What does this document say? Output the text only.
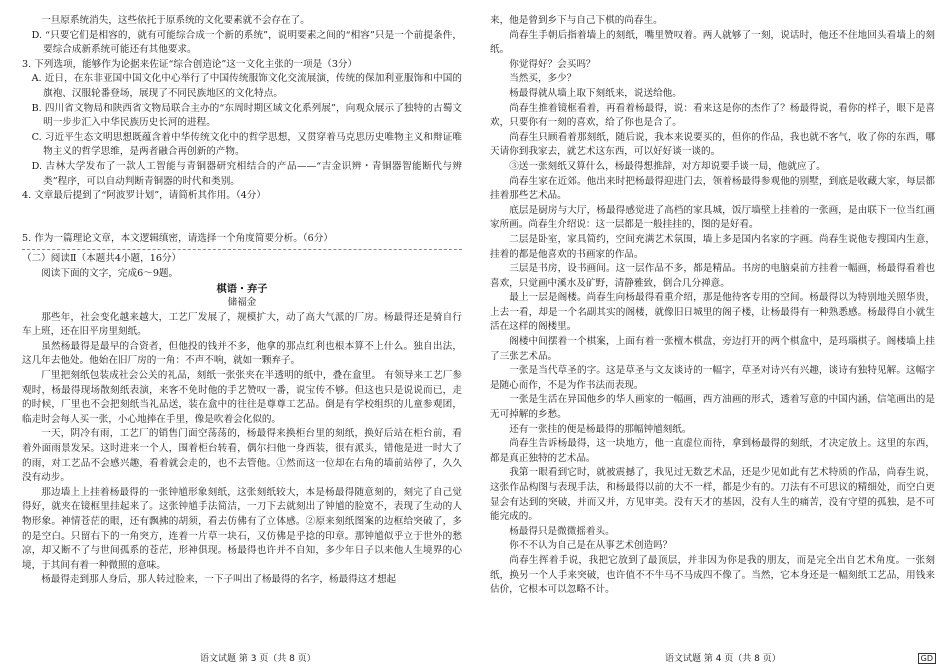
一旦原系统消失，这些依托于原系统的文化要素就不会存在了。

D. “只要它们是相容的，就有可能综合成一个新的系统”，说明要素之间的“相容”只是一个前提条件，要综合成新系统可能还有其他要求。

3. 下列选项，能够作为论据来佐证“综合创造论”这一文化主张的一项是（3分）

A. 近日，在东非亚国中国文化中心举行了中国传统服饰文化交流展演，传统的保加利亚服饰和中国的旗袍、汉服轮番登场，展现了不同民族地区的文化特点。

B. 四川省文物局和陕西省文物局联合主办的“东周时期区域文化系列展”，向观众展示了独特的古蜀文明一步步汇入中华民族历史长河的进程。

C. 习近平生态文明思想既蕴含着中华传统文化中的哲学思想，又贯穿着马克思历史唯物主义和辩证唯物主义的哲学思维，是两者融合再创新的产物。

D. 吉林大学发布了一款人工智能与青铜器研究相结合的产品——“吉金识辨・青铜器智能断代与辨类”程序，可以自动判断青铜器的时代和类别。

4. 文章最后提到了“阿波罗计划”，请简析其作用。（4分）

5. 作为一篇理论文章，本文逻辑缜密，请选择一个角度简要分析。（6分）

（二）阅读Ⅱ（本题共4小题，16分）

阅读下面的文字，完成6～9题。

棋语・弃子

储福金

那些年，社会变化越来越大，工艺厂发展了，规模扩大，动了高大气派的厂房。杨最得还是骑自行车上班，还在旧平房里刻纸。

虽然杨最得是最早的合资者，但他投的钱并不多，他拿的那点红利也根本算不上什么。独自出法，这几年去他处。他始在旧厂房的一角：不声不响，就如一颗弃子。

厂里把刻纸包装成社会公关的礼品，刻纸一张张夹在半透明的纸中，叠在盒里。 有领导来工艺厂参观时，杨最得现场散刻纸表演，来客不免时他的手艺赞叹一番，说宝传不够。但这也只是说说而已，走的时候，厂里也不会把刻纸当礼品送，装在盒中的往往是尊尊工艺品。倒是有学校组织的儿童参观团，临走时会每人买一张，小心地捧在手里，像是吹着会化似的。

一天，阴冷有雨，工艺厂的销售门面空荡荡的，杨最得来换柜台里的刻纸，换好后站在柜台前，看着外面雨景发呆。这时进来一个人，围着柜台转看，偶尔扫他一身西装，很有派头，错他是进一时大了的雨，对工艺品不会感兴趣，看着就会走的，也不去管他。①然而这一位却在右角的墙前站停了，久久没有动步。

那边墙上上挂着杨最得的一张钟馗形象刻纸，这张刻纸较大，本是杨最得随意刻的，刻完了自己觉得好，就夹在镜框里挂起来了。这张钟馗手法简洁，一刀下去就刻出了钟馗的脸宽不，表现了生动的人物形象。神情苍茫的眼，还有飘拂的胡须，看去仿佛有了立体感。②原来刻纸图案的边框给突破了，多的是空白。只留右下的一角突方，连着一片草一块石，又仿佛是乎捻的印章。那钟馗似乎立于世外的愁凉，却又断不了与世间孤系的苍茫，形神俱现。杨最得也许并不自知，多少年日子以来他人生境界的心境，于其间有着一种微照的意味。

杨最得走到那人身后，那人转过脸来，一下子叫出了杨最得的名字，杨最得这才想起

来，他是曾到乡下与自己下棋的尚春生。

尚春生手朝后指着墙上的刻纸，嘴里赞叹着。两人就够了一刻，说话时，他还不住地回头看墙上的刻纸。

你觉得好？会买吗？

当然买，多少？

杨最得就从墙上取下刻纸来，说送给他。

尚春生推着镜框看着，再看着杨最得，说：看来这是你的杰作了？杨最得说，看你的样子，眼下是喜欢，只要你有一刻的喜欢，给了你也是合了。

尚春生只顾看着那刻纸，随后说，我本来说要买的，但你的作品，我也就不客气，收了你的东西，哪天请你到我家去，就艺术这东西，可以好好谈一谈的。

③送一张刻纸又算什么，杨最得想推辞，对方却说要手谈一局，他就应了。

尚春生家在近郊。他出来时把杨最得迎进门去，领着杨最得参观他的别墅，到底是收藏大家，每层都挂着那些艺术品。

底层是厨房与大厅，杨最得感觉进了高档的家具城，饭厅墙壁上挂着的一张画，是由联下一位当红画家所画。尚春生介绍说：这一层都是一般挂挂的，图的是好看。

二层是卧室，家具简约，空间充满艺术氛围，墙上多是国内名家的字画。尚春生说他专搜国内生意，挂着的都是他喜欢的书画家的作品。

三层是书房，设书画间。这一层作品不多，都是精品。书房的电脑桌前方挂着一幅画，杨最得看着也喜欢，只觉画中溪水及矿野，清静雅致，倒合几分禅意。

最上一层是阁楼。尚春生向杨最得看重介绍，那是他待客专用的空间。杨最得以为特别地关照华贵，上去一看，却是一个名副其实的阁楼，就像旧日城里的阁子楼，让杨最得有一种熟悉感。杨最得自小就生活在这样的阁楼里。

阁楼中间摆着一个棋案，上面有着一张檀木棋盘，旁边打开的两个棋盒中，是玛瑙棋子。阁楼墙上挂了三张艺术品。

一张是当代草圣的字。这是草圣与文友谈诗的一幅字，草圣对诗兴有兴趣，谈诗有独特见解。这幅字是随心而作，不是为作书法而表现。

一张是生活在异国他乡的华人画家的一幅画，西方油画的形式，透着写意的中国内涵，信笔画出的是无可掉解的乡愁。

还有一张挂的便是杨最得的那幅钟馗刻纸。

尚春生告诉杨最得，这一块地方，他一直虚位而待，拿到杨最得的刻纸，才决定放上。这里的东西，都是真正独特的艺术品。

我第一眼看到它时，就被震撼了，我见过无数艺术品，还是少见如此有艺术特质的作品，尚春生说，这张作品构图与表现手法，和杨最得以前的大不一样，都是少有的。刀法有不可思议的精细处，而空白更显会有达到的突破，并而又并，方见审美。没有天才的基因，没有人生的痛苦，没有守望的孤独，是不可能完成的。

杨最得只是微微摇着头。

你不不认为自己是在从事艺术创造吗？

尚春生挥着手说，我把它放到了最顶层，并非因为你是我的朋友，而是完全出自艺术角度。一张刻纸，换另一个人手来突破，也许值不不牛马不马成四不像了。当然，它本身还是一幅刻纸工艺品，用钱来估价，它根本可以忽略不计。

语文试题 第 3 页（共 8 页）	语文试题 第 4 页（共 8 页）	GD
